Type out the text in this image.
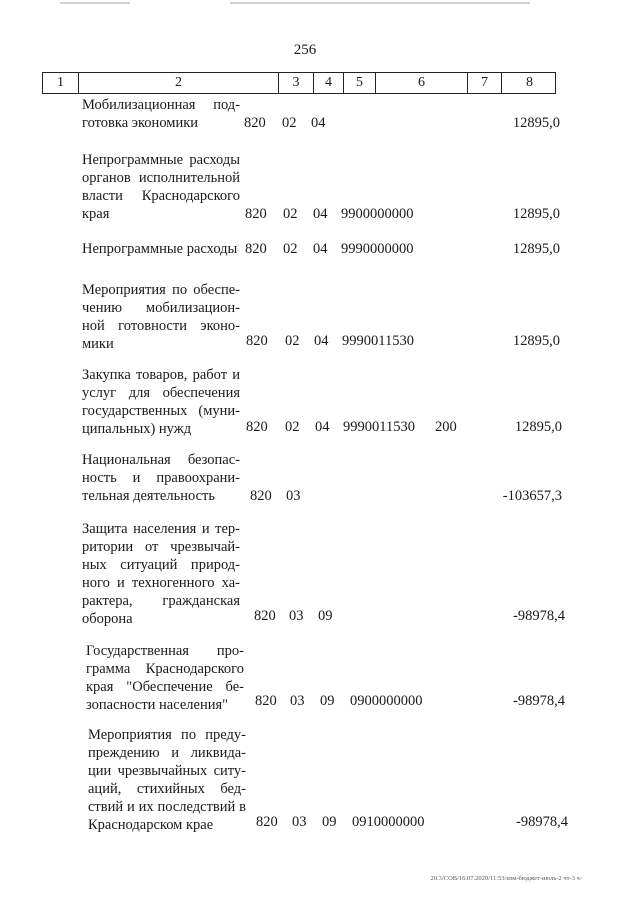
256
1	2	3	4	5	6	7	8
Мобилизационная под-
готовка экономики	820 02 04	12895,0
Непрограммные расходы
органов исполнительной
власти Краснодарского
края	820 02 04 9900000000	12895,0
Непрограммные расходы 820 02 04 9990000000	12895,0
Мероприятия по обеспе-
чению мобилизацион-
ной готовности эконо-
мики	820 02 04 9990011530	12895,0
Закупка товаров, работ и
услуг для обеспечения
государственных (муни-
ципальных) нужд	820 02 04 9990011530 200	12895,0
Национальная безопас-
ность и правоохрани-
тельная деятельность	820 03	-103657,3
Защита населения и тер-
ритории от чрезвычай-
ных ситуаций природ-
ного и техногенного ха-
рактера, гражданская
оборона	820 03 09	-98978,4
Государственная про-
грамма Краснодарского
края "Обеспечение бе-
зопасности населения"	820 03 09 0900000000	-98978,4
Мероприятия по преду-
преждению и ликвида-
ции чрезвычайных ситу-
аций, стихийных бед-
ствий и их последствий в
Краснодарском крае	820 03 09 0910000000	-98978,4
20.3/СОВ/16.07.2020/11:53/изм-бюджет-июль-2 чт-3 ч-
